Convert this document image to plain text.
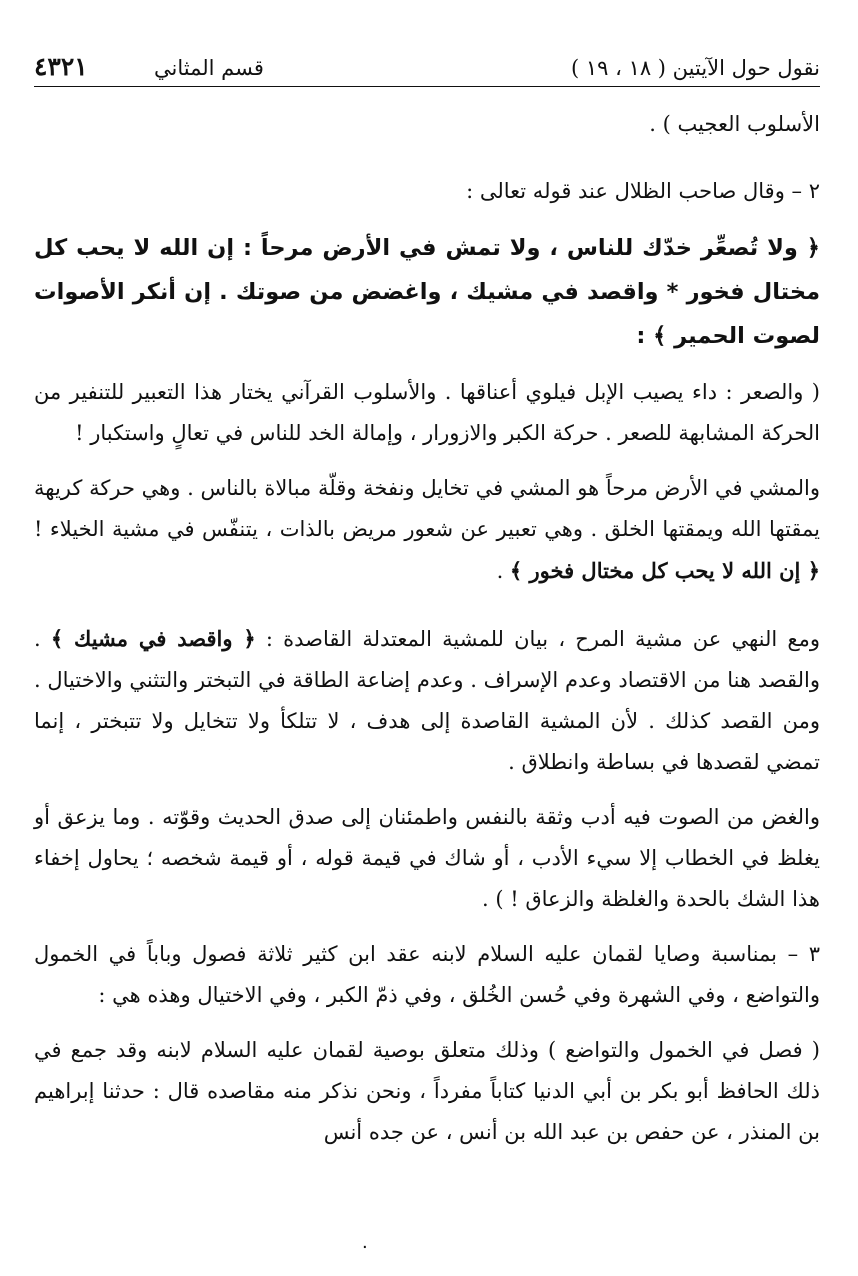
نقول حول الآيتين ( ١٨ ، ١٩ )
قسم المثاني
٤٣٢١

الأسلوب العجيب ) .

٢ – وقال صاحب الظلال عند قوله تعالى :

﴿ ولا تُصعِّر خدّك للناس ، ولا تمش في الأرض مرحاً : إن الله لا يحب كل مختال فخور * واقصد في مشيك ، واغضض من صوتك . إن أنكر الأصوات لصوت الحمير ﴾ :

( والصعر : داء يصيب الإبل فيلوي أعناقها . والأسلوب القرآني يختار هذا التعبير للتنفير من الحركة المشابهة للصعر . حركة الكبر والازورار ، وإمالة الخد للناس في تعالٍ واستكبار !

والمشي في الأرض مرحاً هو المشي في تخايل ونفخة وقلّة مبالاة بالناس . وهي حركة كريهة يمقتها الله ويمقتها الخلق . وهي تعبير عن شعور مريض بالذات ، يتنفّس في مشية الخيلاء ! ﴿ إن الله لا يحب كل مختال فخور ﴾ .

ومع النهي عن مشية المرح ، بيان للمشية المعتدلة القاصدة : ﴿ واقصد في مشيك ﴾ . والقصد هنا من الاقتصاد وعدم الإسراف . وعدم إضاعة الطاقة في التبختر والتثني والاختيال . ومن القصد كذلك . لأن المشية القاصدة إلى هدف ، لا تتلكأ ولا تتخايل ولا تتبختر ، إنما تمضي لقصدها في بساطة وانطلاق .

والغض من الصوت فيه أدب وثقة بالنفس واطمئنان إلى صدق الحديث وقوّته . وما يزعق أو يغلظ في الخطاب إلا سيء الأدب ، أو شاك في قيمة قوله ، أو قيمة شخصه ؛ يحاول إخفاء هذا الشك بالحدة والغلظة والزعاق ! ) .

٣ – بمناسبة وصايا لقمان عليه السلام لابنه عقد ابن كثير ثلاثة فصول وباباً في الخمول والتواضع ، وفي الشهرة وفي حُسن الخُلق ، وفي ذمّ الكبر ، وفي الاختيال وهذه هي :

( فصل في الخمول والتواضع ) وذلك متعلق بوصية لقمان عليه السلام لابنه وقد جمع في ذلك الحافظ أبو بكر بن أبي الدنيا كتاباً مفرداً ، ونحن نذكر منه مقاصده قال : حدثنا إبراهيم بن المنذر ، عن حفص بن عبد الله بن أنس ، عن جده أنس

٠
